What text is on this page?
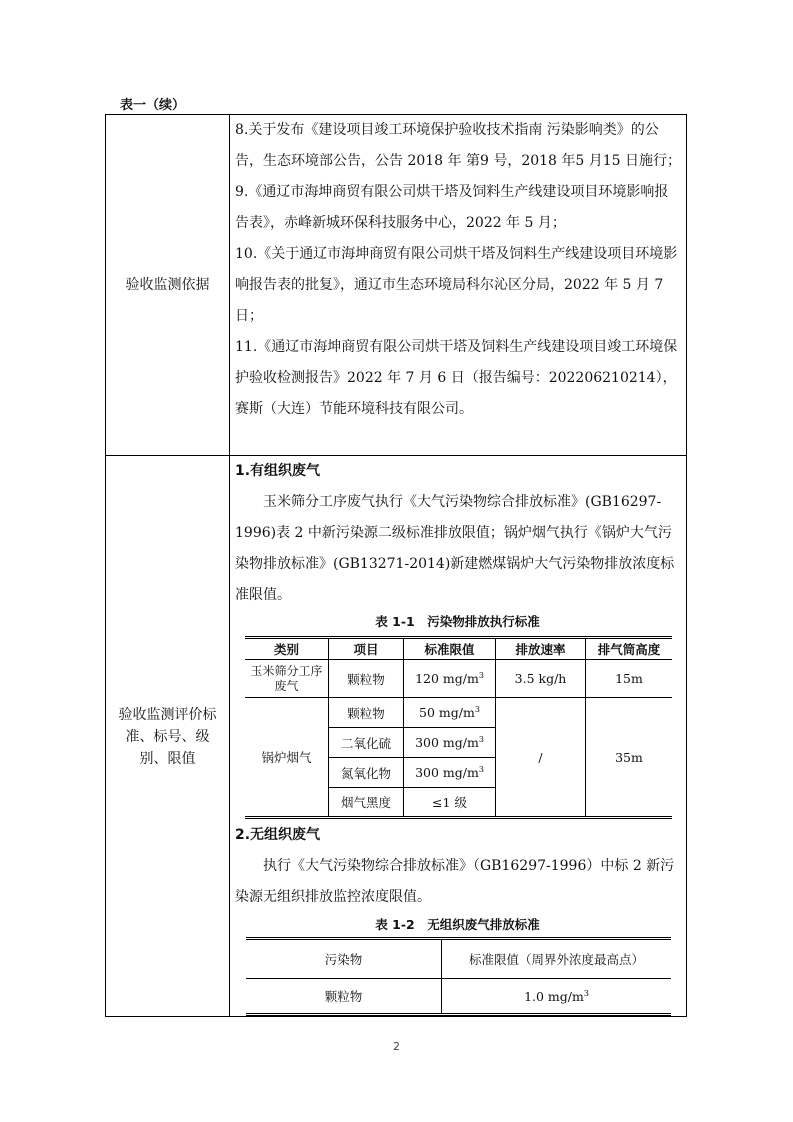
表一（续）
验收监测依据

8.关于发布《建设项目竣工环境保护验收技术指南 污染影响类》的公告，生态环境部公告，公告 2018 年 第9 号，2018 年5 月15 日施行；

9.《通辽市海坤商贸有限公司烘干塔及饲料生产线建设项目环境影响报告表》，赤峰新城环保科技服务中心，2022 年 5 月；

10.《关于通辽市海坤商贸有限公司烘干塔及饲料生产线建设项目环境影响报告表的批复》，通辽市生态环境局科尔沁区分局，2022 年 5 月 7 日；

11.《通辽市海坤商贸有限公司烘干塔及饲料生产线建设项目竣工环境保护验收检测报告》2022 年 7 月 6 日（报告编号：202206210214），赛斯（大连）节能环境科技有限公司。

验收监测评价标准、标号、级别、限值

1.有组织废气

玉米筛分工序废气执行《大气污染物综合排放标准》(GB16297-1996)表 2 中新污染源二级标准排放限值；锅炉烟气执行《锅炉大气污染物排放标准》(GB13271-2014)新建燃煤锅炉大气污染物排放浓度标准限值。

表 1-1　污染物排放执行标准
类别	项目	标准限值	排放速率	排气筒高度
玉米筛分工序废气	颗粒物	120 $mg/m^3$	3.5 kg/h	15m
锅炉烟气	颗粒物	50 $mg/m^3$	/	35m
	二氧化硫	300 $mg/m^3$
	氮氧化物	300 $mg/m^3$
	烟气黑度	≤1 级		

2.无组织废气

执行《大气污染物综合排放标准》（GB16297-1996）中标 2 新污染源无组织排放监控浓度限值。

表 1-2　无组织废气排放标准
污染物	标准限值（周界外浓度最高点）
颗粒物	1.0 $mg/m^3$
2
